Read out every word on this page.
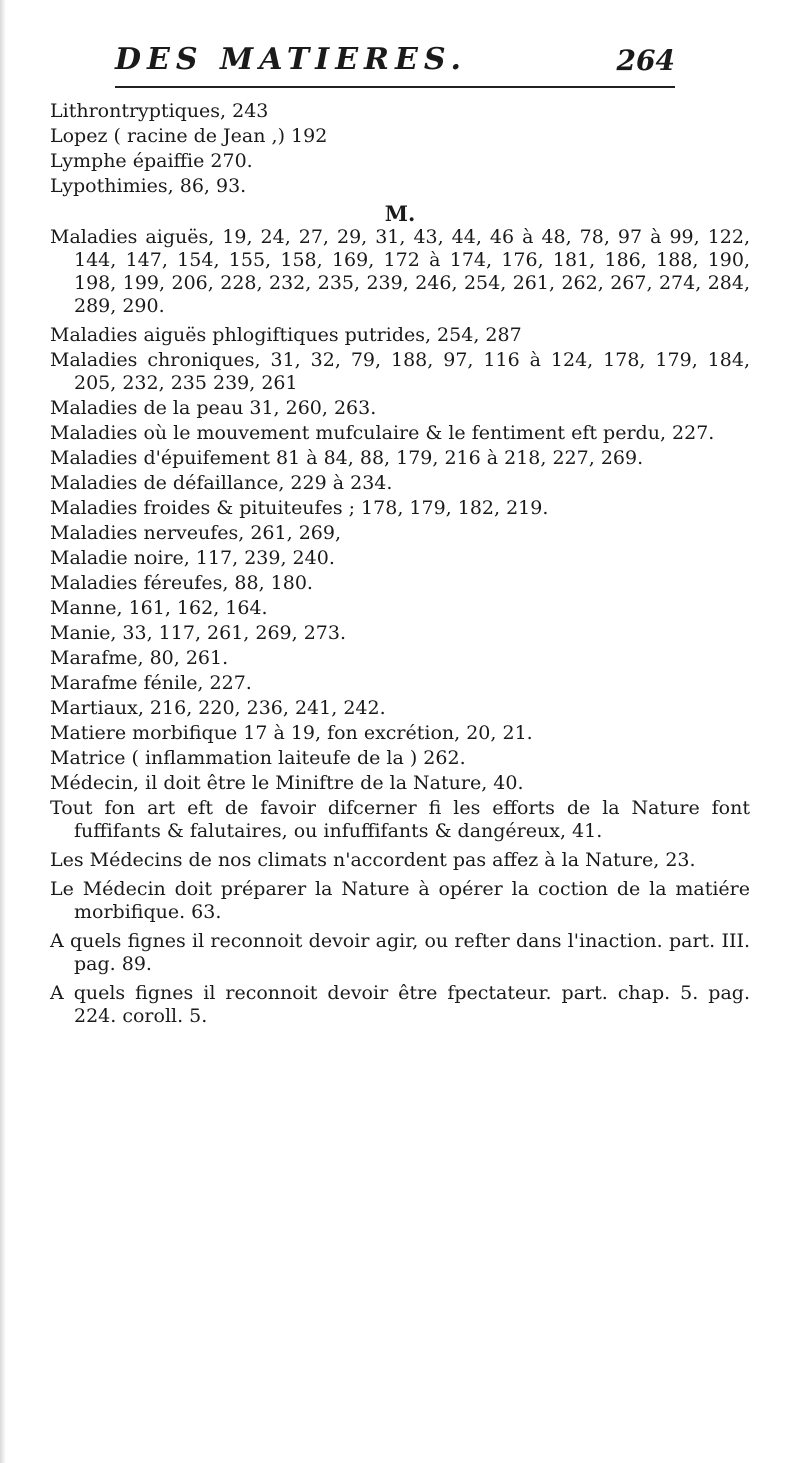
DES MATIERES.	264
Lithrontryptiques, 243
Lopez ( racine de Jean ,) 192
Lymphe épaiffie 270.
Lypothimies, 86, 93.
M.
Maladies aiguës, 19, 24, 27, 29, 31, 43, 44, 46 à 48, 78, 97 à 99, 122, 144, 147, 154, 155, 158, 169, 172 à 174, 176, 181, 186, 188, 190, 198, 199, 206, 228, 232, 235, 239, 246, 254, 261, 262, 267, 274, 284, 289, 290.
Maladies aiguës phlogiftiques putrides, 254, 287
Maladies chroniques, 31, 32, 79, 188, 97, 116 à 124, 178, 179, 184, 205, 232, 235 239, 261
Maladies de la peau 31, 260, 263.
Maladies où le mouvement mufculaire & le fentiment eft perdu, 227.
Maladies d'épuifement 81 à 84, 88, 179, 216 à 218, 227, 269.
Maladies de défaillance, 229 à 234.
Maladies froides & pituiteufes ; 178, 179, 182, 219.
Maladies nerveufes, 261, 269,
Maladie noire, 117, 239, 240.
Maladies féreufes, 88, 180.
Manne, 161, 162, 164.
Manie, 33, 117, 261, 269, 273.
Marafme, 80, 261.
Marafme fénile, 227.
Martiaux, 216, 220, 236, 241, 242.
Matiere morbifique 17 à 19, fon excrétion, 20, 21.
Matrice ( inflammation laiteufe de la ) 262.
Médecin, il doit être le Miniftre de la Nature, 40.
Tout fon art eft de favoir difcerner fi les efforts de la Nature font fuffifants & falutaires, ou infuffifants & dangéreux, 41.
Les Médecins de nos climats n'accordent pas affez à la Nature, 23.
Le Médecin doit préparer la Nature à opérer la coction de la matiére morbifique. 63.
A quels fignes il reconnoit devoir agir, ou refter dans l'inaction. part. III. pag. 89.
A quels fignes il reconnoit devoir être fpectateur. part. chap. 5. pag. 224. coroll. 5.
